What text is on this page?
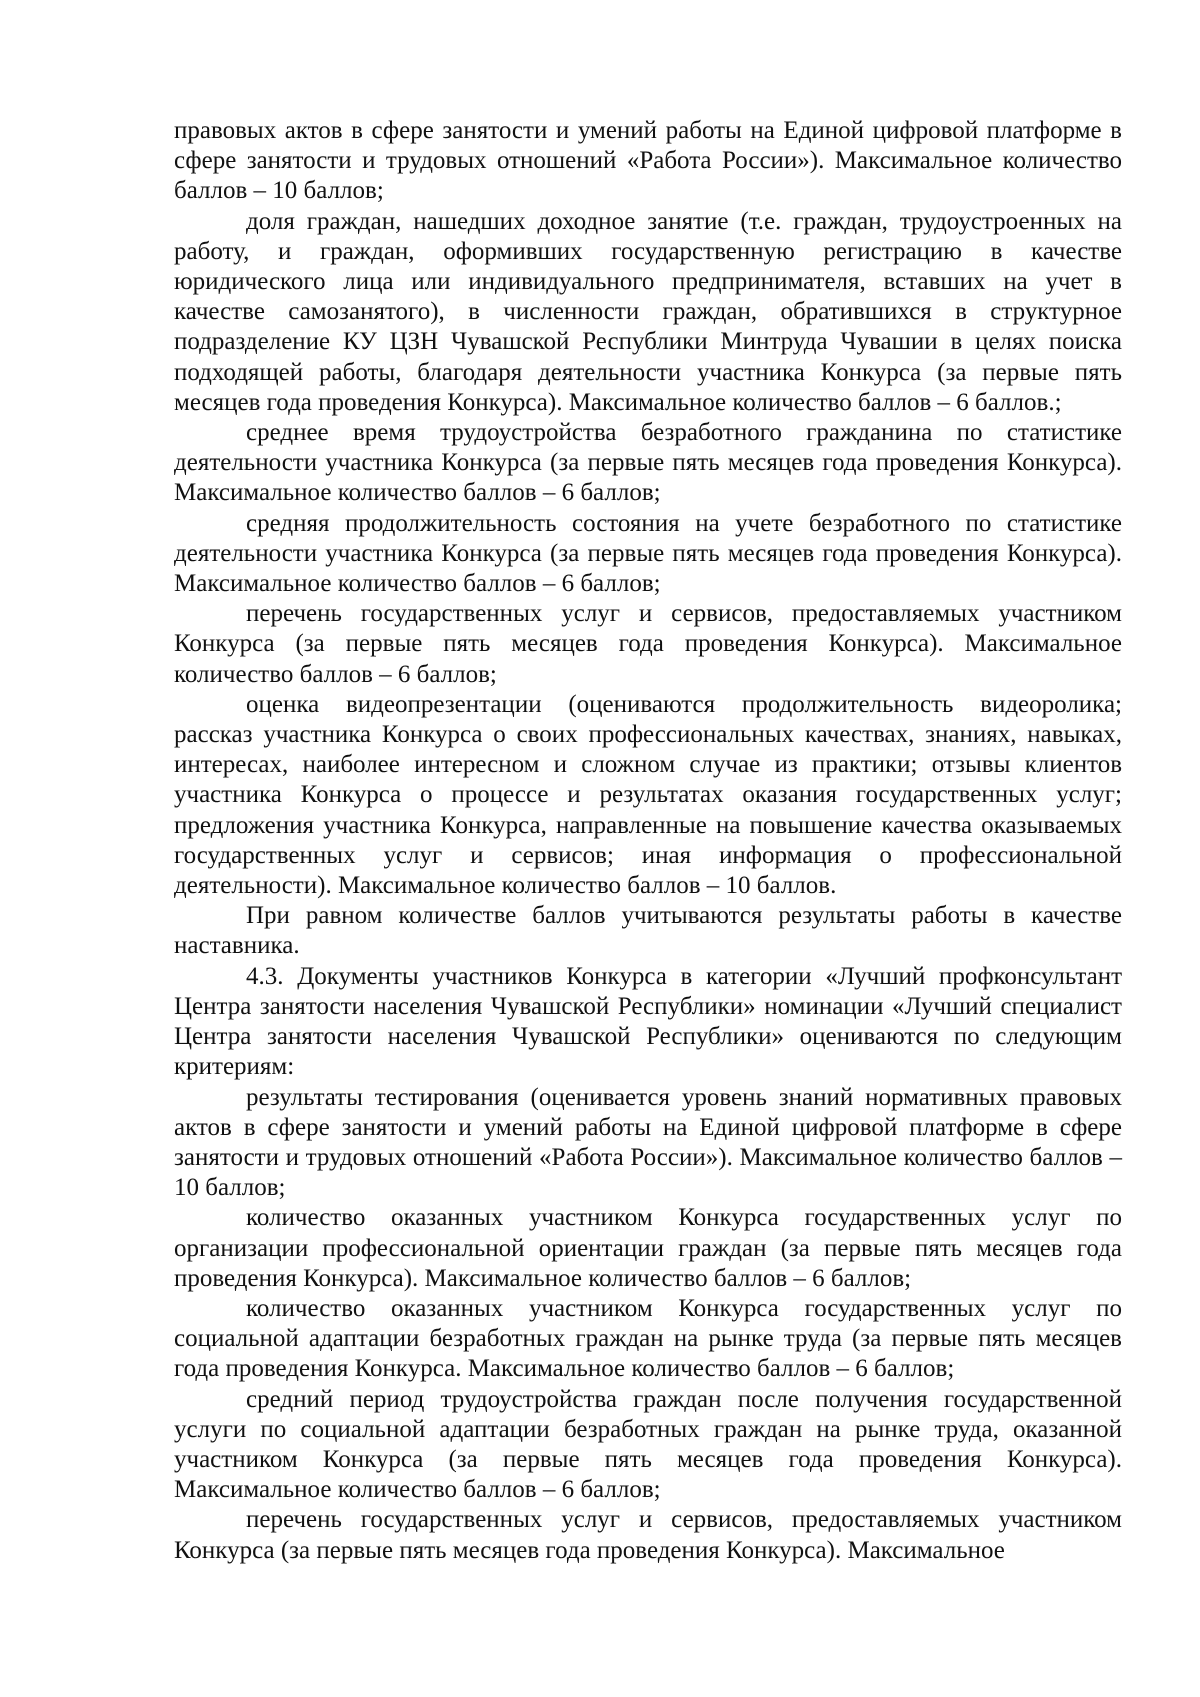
правовых актов в сфере занятости и умений работы на Единой цифровой платформе в сфере занятости и трудовых отношений «Работа России»). Максимальное количество баллов – 10 баллов;

доля граждан, нашедших доходное занятие (т.е. граждан, трудоустроенных на работу, и граждан, оформивших государственную регистрацию в качестве юридического лица или индивидуального предпринимателя, вставших на учет в качестве самозанятого), в численности граждан, обратившихся в структурное подразделение КУ ЦЗН Чувашской Республики Минтруда Чувашии в целях поиска подходящей работы, благодаря деятельности участника Конкурса (за первые пять месяцев года проведения Конкурса). Максимальное количество баллов – 6 баллов.;

среднее время трудоустройства безработного гражданина по статистике деятельности участника Конкурса (за первые пять месяцев года проведения Конкурса). Максимальное количество баллов – 6 баллов;

средняя продолжительность состояния на учете безработного по статистике деятельности участника Конкурса (за первые пять месяцев года проведения Конкурса). Максимальное количество баллов – 6 баллов;

перечень государственных услуг и сервисов, предоставляемых участником Конкурса (за первые пять месяцев года проведения Конкурса). Максимальное количество баллов – 6 баллов;

оценка видеопрезентации (оцениваются продолжительность видеоролика; рассказ участника Конкурса о своих профессиональных качествах, знаниях, навыках, интересах, наиболее интересном и сложном случае из практики; отзывы клиентов участника Конкурса о процессе и результатах оказания государственных услуг; предложения участника Конкурса, направленные на повышение качества оказываемых государственных услуг и сервисов; иная информация о профессиональной деятельности). Максимальное количество баллов – 10 баллов.

При равном количестве баллов учитываются результаты работы в качестве наставника.

4.3. Документы участников Конкурса в категории «Лучший профконсультант Центра занятости населения Чувашской Республики» номинации «Лучший специалист Центра занятости населения Чувашской Республики» оцениваются по следующим критериям:

результаты тестирования (оценивается уровень знаний нормативных правовых актов в сфере занятости и умений работы на Единой цифровой платформе в сфере занятости и трудовых отношений «Работа России»). Максимальное количество баллов – 10 баллов;

количество оказанных участником Конкурса государственных услуг по организации профессиональной ориентации граждан (за первые пять месяцев года проведения Конкурса). Максимальное количество баллов – 6 баллов;

количество оказанных участником Конкурса государственных услуг по социальной адаптации безработных граждан на рынке труда (за первые пять месяцев года проведения Конкурса. Максимальное количество баллов – 6 баллов;

средний период трудоустройства граждан после получения государственной услуги по социальной адаптации безработных граждан на рынке труда, оказанной участником Конкурса (за первые пять месяцев года проведения Конкурса). Максимальное количество баллов – 6 баллов;

перечень государственных услуг и сервисов, предоставляемых участником Конкурса (за первые пять месяцев года проведения Конкурса). Максимальное
